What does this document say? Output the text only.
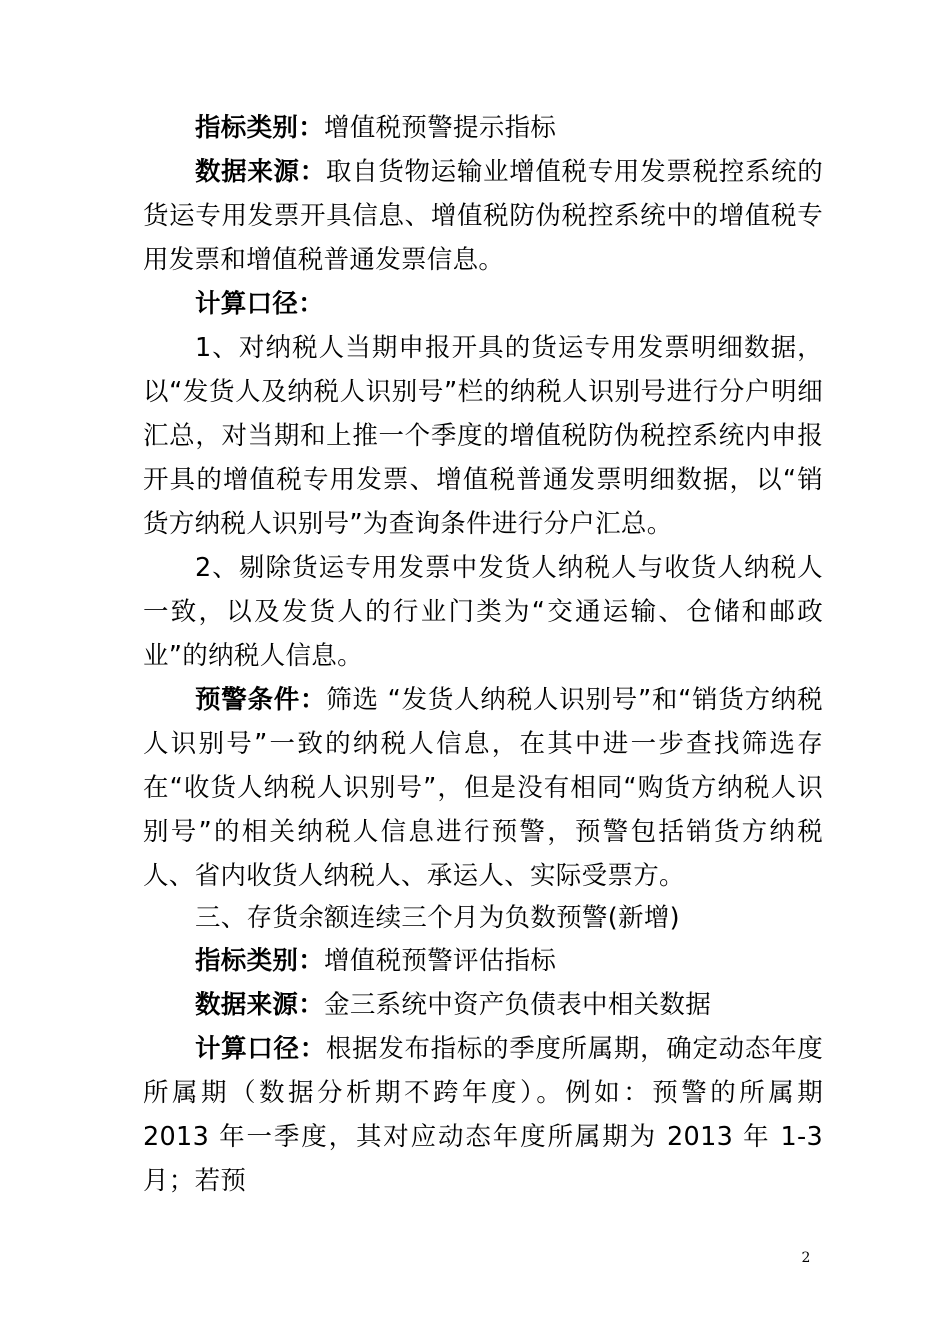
指标类别：增值税预警提示指标

数据来源：取自货物运输业增值税专用发票税控系统的货运专用发票开具信息、增值税防伪税控系统中的增值税专用发票和增值税普通发票信息。

计算口径：

1、对纳税人当期申报开具的货运专用发票明细数据，以“发货人及纳税人识别号”栏的纳税人识别号进行分户明细汇总，对当期和上推一个季度的增值税防伪税控系统内申报开具的增值税专用发票、增值税普通发票明细数据，以“销货方纳税人识别号”为查询条件进行分户汇总。

2、剔除货运专用发票中发货人纳税人与收货人纳税人一致，以及发货人的行业门类为“交通运输、仓储和邮政业”的纳税人信息。

预警条件：筛选 “发货人纳税人识别号”和“销货方纳税人识别号”一致的纳税人信息，在其中进一步查找筛选存在“收货人纳税人识别号”，但是没有相同“购货方纳税人识别号”的相关纳税人信息进行预警，预警包括销货方纳税人、省内收货人纳税人、承运人、实际受票方。

三、存货余额连续三个月为负数预警(新增)

指标类别：增值税预警评估指标

数据来源：金三系统中资产负债表中相关数据

计算口径：根据发布指标的季度所属期，确定动态年度所属期（数据分析期不跨年度）。例如：预警的所属期 2013 年一季度，其对应动态年度所属期为 2013 年 1-3 月；若预

2
